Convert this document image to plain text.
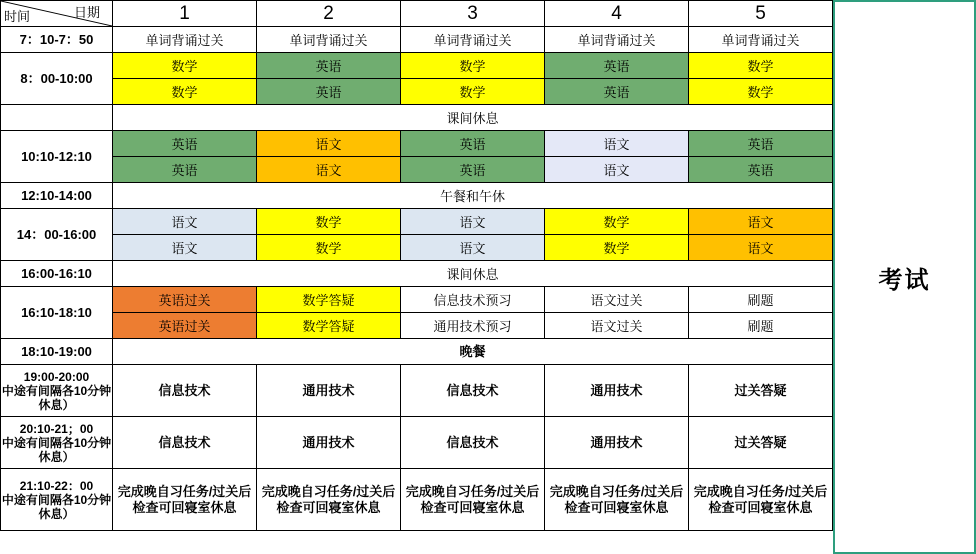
日期
时间	1	2	3	4	5

7：10-7：50	单词背诵过关	单词背诵过关	单词背诵过关	单词背诵过关	单词背诵过关

8：00-10:00	数学	英语	数学	英语	数学
	数学	英语	数学	英语	数学

	课间休息				

10:10-12:10	英语	语文	英语	语文	英语
	英语	语文	英语	语文	英语

12:10-14:00	午餐和午休				

14：00-16:00	语文	数学	语文	数学	语文
	语文	数学	语文	数学	语文

16:00-16:10	课间休息				

16:10-18:10	英语过关	数学答疑	信息技术预习	语文过关	刷题
	英语过关	数学答疑	通用技术预习	语文过关	刷题

18:10-19:00	晚餐				

19:00-20:00
中途有间隔各10分钟休息）	信息技术	通用技术	信息技术	通用技术	过关答疑

20:10-21；00
中途有间隔各10分钟休息）	信息技术	通用技术	信息技术	通用技术	过关答疑

21:10-22：00
中途有间隔各10分钟休息）	完成晚自习任务/过关后检查可回寝室休息	完成晚自习任务/过关后检查可回寝室休息	完成晚自习任务/过关后检查可回寝室休息	完成晚自习任务/过关后检查可回寝室休息	完成晚自习任务/过关后检查可回寝室休息
考试
